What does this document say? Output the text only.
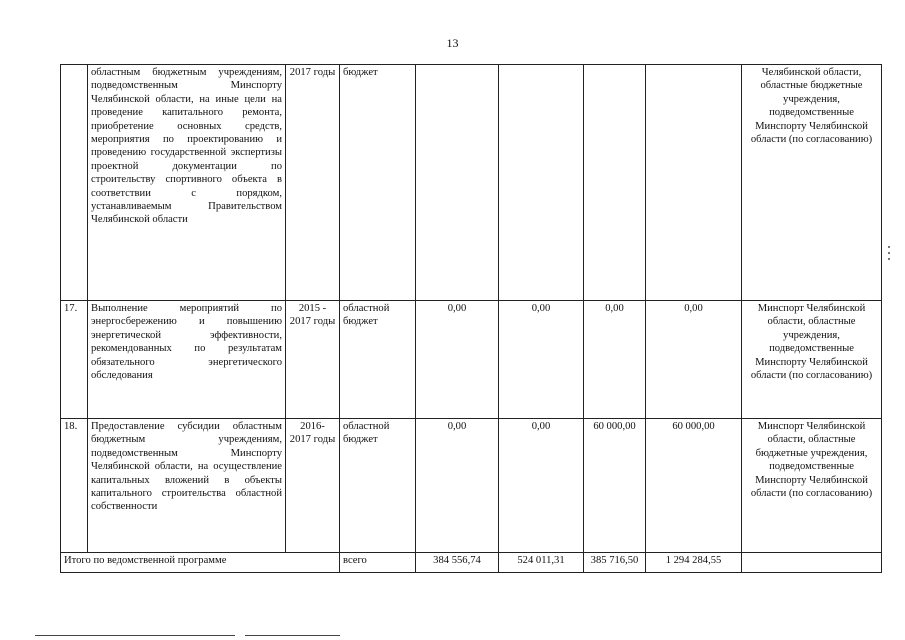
13
	областным бюджетным учреждениям, подведомственным Минспорту Челябинской области, на иные цели на проведение капитального ремонта, приобретение основных средств, мероприятия по проектированию и проведению государственной экспертизы проектной документации по строительству спортивного объекта в соответствии с порядком, устанавливаемым Правительством Челябинской области	2017 годы	бюджет					Челябинской области, областные бюджетные учреждения, подведомственные Минспорту Челябинской области (по согласованию)
17.	Выполнение мероприятий по энергосбережению и повышению энергетической эффективности, рекомендованных по результатам обязательного энергетического обследования	2015 - 2017 годы	областной бюджет	0,00	0,00	0,00	0,00	Минспорт Челябинской области, областные учреждения, подведомственные Минспорту Челябинской области (по согласованию)
18.	Предоставление субсидии областным бюджетным учреждениям, подведомственным Минспорту Челябинской области, на осуществление капитальных вложений в объекты капитального строительства областной собственности	2016- 2017 годы	областной бюджет	0,00	0,00	60 000,00	60 000,00	Минспорт Челябинской области, областные бюджетные учреждения, подведомственные Минспорту Челябинской области (по согласованию)
Итого по ведомственной программе			всего	384 556,74	524 011,31	385 716,50	1 294 284,55	
